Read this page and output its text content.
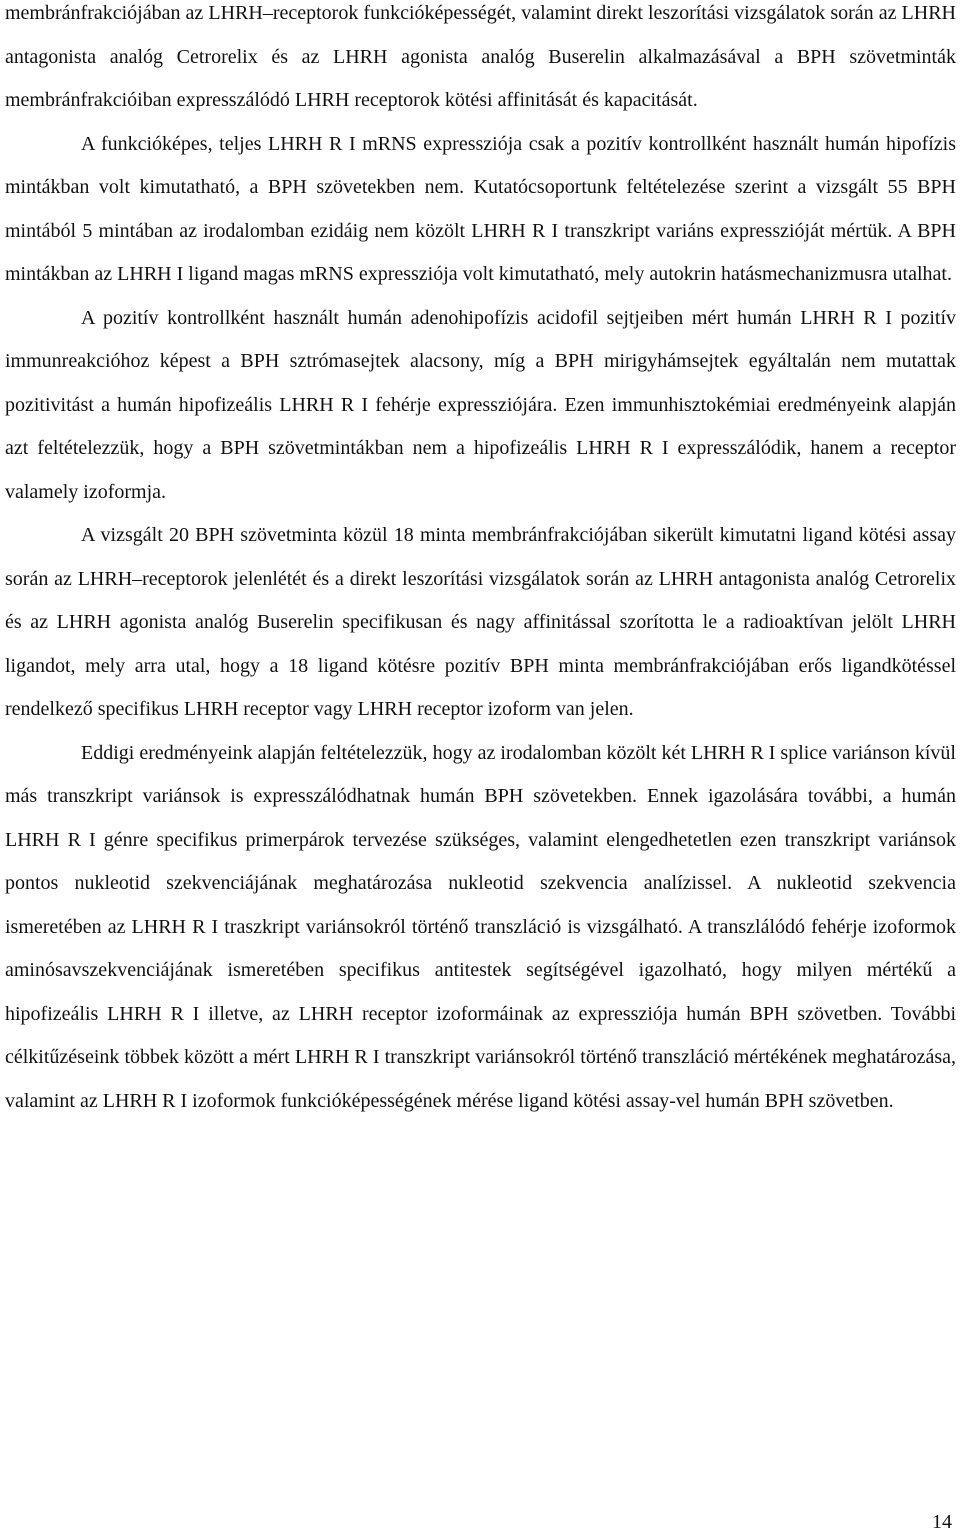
membránfrakciójában az LHRH–receptorok funkcióképességét, valamint direkt leszorítási vizsgálatok során az LHRH antagonista analóg Cetrorelix és az LHRH agonista analóg Buserelin alkalmazásával a BPH szövetminták membránfrakcióiban expresszálódó LHRH receptorok kötési affinitását és kapacitását.

A funkcióképes, teljes LHRH R I mRNS expressziója csak a pozitív kontrollként használt humán hipofízis mintákban volt kimutatható, a BPH szövetekben nem. Kutatócsoportunk feltételezése szerint a vizsgált 55 BPH mintából 5 mintában az irodalomban ezidáig nem közölt LHRH R I transzkript variáns expresszióját mértük. A BPH mintákban az LHRH I ligand magas mRNS expressziója volt kimutatható, mely autokrin hatásmechanizmusra utalhat.

A pozitív kontrollként használt humán adenohipofízis acidofil sejtjeiben mért humán LHRH R I pozitív immunreakcióhoz képest a BPH sztrómasejtek alacsony, míg a BPH mirigyhámsejtek egyáltalán nem mutattak pozitivitást a humán hipofizeális LHRH R I fehérje expressziójára. Ezen immunhisztokémiai eredményeink alapján azt feltételezzük, hogy a BPH szövetmintákban nem a hipofizeális LHRH R I expresszálódik, hanem a receptor valamely izoformja.

A vizsgált 20 BPH szövetminta közül 18 minta membránfrakciójában sikerült kimutatni ligand kötési assay során az LHRH–receptorok jelenlétét és a direkt leszorítási vizsgálatok során az LHRH antagonista analóg Cetrorelix és az LHRH agonista analóg Buserelin specifikusan és nagy affinitással szorította le a radioaktívan jelölt LHRH ligandot, mely arra utal, hogy a 18 ligand kötésre pozitív BPH minta membránfrakciójában erős ligandkötéssel rendelkező specifikus LHRH receptor vagy LHRH receptor izoform van jelen.

Eddigi eredményeink alapján feltételezzük, hogy az irodalomban közölt két LHRH R I splice variánson kívül más transzkript variánsok is expresszálódhatnak humán BPH szövetekben. Ennek igazolására további, a humán LHRH R I génre specifikus primerpárok tervezése szükséges, valamint elengedhetetlen ezen transzkript variánsok pontos nukleotid szekvenciájának meghatározása nukleotid szekvencia analízissel. A nukleotid szekvencia ismeretében az LHRH R I traszkript variánsokról történő transzláció is vizsgálható. A transzlálódó fehérje izoformok aminósavszekvenciájának ismeretében specifikus antitestek segítségével igazolható, hogy milyen mértékű a hipofizeális LHRH R I illetve, az LHRH receptor izoformáinak az expressziója humán BPH szövetben. További célkitűzéseink többek között a mért LHRH R I transzkript variánsokról történő transzláció mértékének meghatározása, valamint az LHRH R I izoformok funkcióképességének mérése ligand kötési assay-vel humán BPH szövetben.

14
